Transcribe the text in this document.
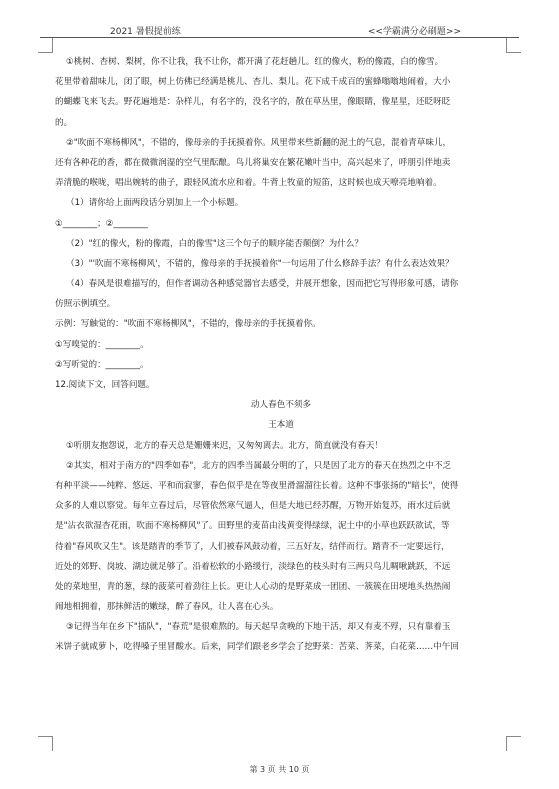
2021 暑假提前练	<<学霸满分必刷题>>
①桃树、杏树、梨树，你不让我，我不让你，都开满了花赶趟儿。红的像火，粉的像霞，白的像雪。
花里带着甜味儿，闭了眼，树上仿佛已经满是桃儿、杏儿、梨儿。花下成千成百的蜜蜂嗡嗡地闹着，大小
的蝴蝶飞来飞去。野花遍地是：杂样儿，有名字的，没名字的，散在草丛里，像眼睛，像星星，还眨呀眨
的。
②"吹面不寒杨柳风"，不错的，像母亲的手抚摸着你。风里带来些新翻的泥土的气息，混着青草味儿，
还有各种花的香，都在微微润湿的空气里酝酿。鸟儿将巢安在繁花嫩叶当中，高兴起来了，呼朋引伴地卖
弄清脆的喉咙，唱出婉转的曲子，跟轻风流水应和着。牛背上牧童的短笛，这时候也成天嘹亮地响着。
（1）请你给上面两段话分别加上一个小标题。
①________；②________
（2）"红的像火，粉的像霞，白的像雪"这三个句子的顺序能否颠倒？为什么？
（3）"'吹面不寒杨柳风'，不错的，像母亲的手抚摸着你"一句运用了什么修辞手法？有什么表达效果？
（4）春风是很难描写的，但作者调动各种感觉器官去感受，并展开想象，因而把它写得形象可感，请你
仿照示例填空。
示例：写触觉的："吹面不寒杨柳风"，不错的，像母亲的手抚摸着你。
①写嗅觉的：________。
②写听觉的：________。
12.阅读下文，回答问题。
动人春色不须多
王本道
①听朋友抱怨说，北方的春天总是姗姗来迟，又匆匆离去。北方，简直就没有春天！
②其实，相对于南方的"四季如春"，北方的四季当属最分明的了，只是因了北方的春天在热烈之中不乏
有种平淡——纯粹、悠远、平和而寂寥，春色似乎是在等夜里滑溜溜往长着。这种不事张扬的"暗长"，使得
众多的人难以察觉。每年立春过后，尽管依然寒气逼人，但是大地已经苏醒，万物开始复苏，雨水过后就
是"沾衣欲湿杏花雨，吹面不寒杨柳风"了。田野里的麦苗由浅黄变得绿绿，泥土中的小草也跃跃欲试，等
待着"春风吹又生"。该是踏青的季节了，人们被春风鼓动着，三五好友，结伴而行。踏青不一定要远行，
近处的郊野、岗坡、湖边就足够了。沿着松软的小路缓行，淡绿色的枝头时有三两只鸟儿啁啾跳跃，不远
处的菜地里，青的葱，绿的菠菜可着劲往上长。更让人心动的是野菜成一团团、一簇簇在田埂地头热热闹
闹地相拥着，那抹鲜活的嫩绿，醉了春风，让人喜在心头。
③记得当年在乡下"插队"，"春荒"是很难熬的。每天起早贪晚的下地干活，却又有麦不殍，只有靠着玉
米饼子就咸萝卜，吃得嗓子里冒酸水。后来，同学们跟老乡学会了挖野菜：苦菜、荠菜，白花菜……中午回
第 3 页 共 10 页
